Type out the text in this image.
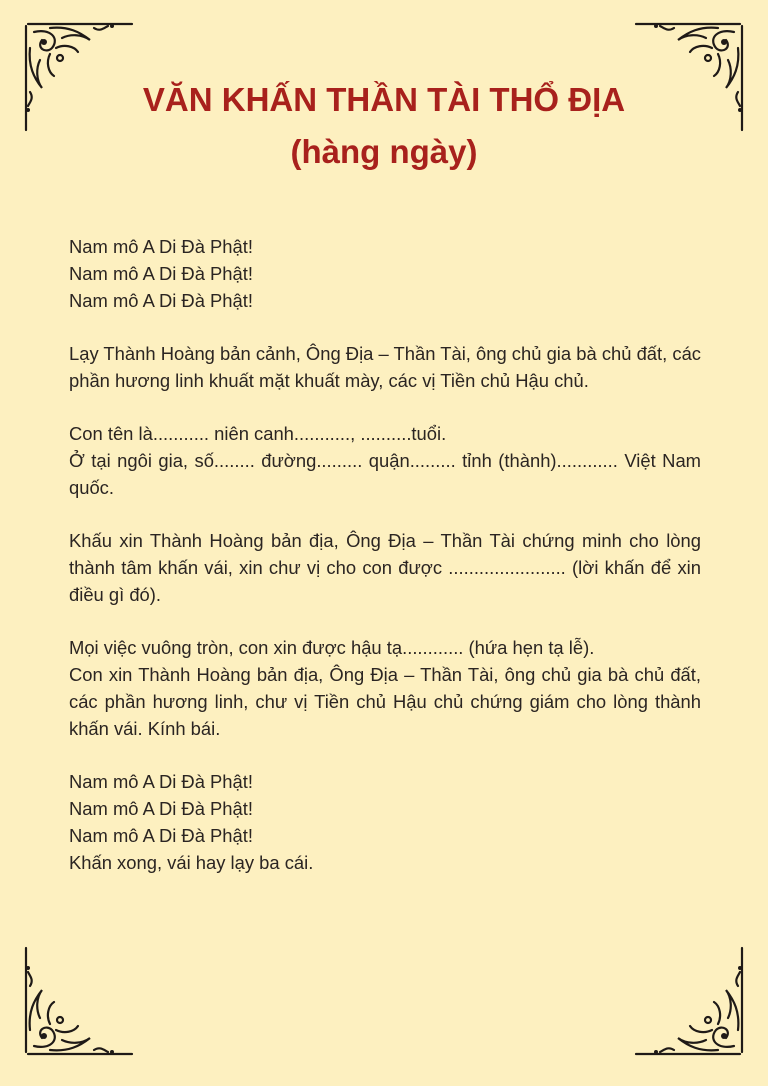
VĂN KHẤN THẦN TÀI THỔ ĐỊA
(hàng ngày)

Nam mô A Di Đà Phật!
Nam mô A Di Đà Phật!
Nam mô A Di Đà Phật!

Lạy Thành Hoàng bản cảnh, Ông Địa – Thần Tài, ông chủ gia bà chủ đất, các phần hương linh khuất mặt khuất mày, các vị Tiền chủ Hậu chủ.

Con tên là........... niên canh..........., ..........tuổi.
Ở tại ngôi gia, số........ đường......... quận......... tỉnh (thành)............ Việt Nam quốc.

Khấu xin Thành Hoàng bản địa, Ông Địa – Thần Tài chứng minh cho lòng thành tâm khấn vái, xin chư vị cho con được ....................... (lời khấn để xin điều gì đó).

Mọi việc vuông tròn, con xin được hậu tạ............ (hứa hẹn tạ lễ).
Con xin Thành Hoàng bản địa, Ông Địa – Thần Tài, ông chủ gia bà chủ đất, các phần hương linh, chư vị Tiền chủ Hậu chủ chứng giám cho lòng thành khấn vái. Kính bái.

Nam mô A Di Đà Phật!
Nam mô A Di Đà Phật!
Nam mô A Di Đà Phật!
Khấn xong, vái hay lạy ba cái.
